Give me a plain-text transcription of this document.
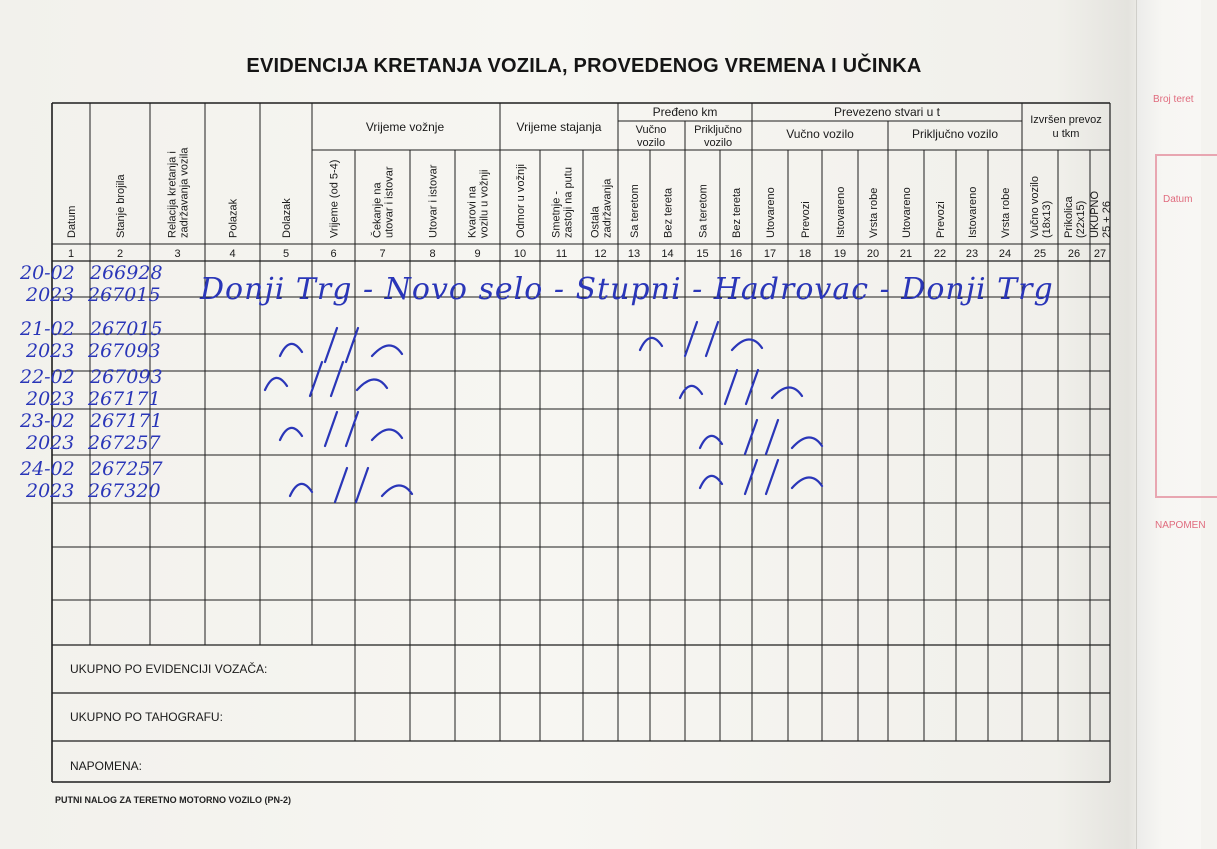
EVIDENCIJA KRETANJA VOZILA, PROVEDENOG VREMENA I UČINKA
Vrijeme vožnje	Vrijeme stajanja
Pređeno km
Vučno
vozilo
Priključno
vozilo
Prevezeno stvari u t
Vučno vozilo	Priključno vozilo
Izvršen prevoz
u tkm
Datum
1
Stanje brojila
2
Relacija kretanja i zadržavanja vozila
3
Polazak
4
Dolazak
5
Vrijeme (od 5-4)
6
Čekanje na utovar i istovar
7
Utovar i istovar
8
Kvarovi na vozilu u vožnji
9
Odmor u vožnji
10
Smetnje - zastoji na putu
11
Ostala zadržavanja
12
Sa teretom
13
Bez tereta
14
Sa teretom
15
Bez tereta
16
Utovareno
17
Prevozi
18
Istovareno
19
Vrsta robe
20
Utovareno
21
Prevozi
22
Istovareno
23
Vrsta robe
24
Vučno vozilo (18x13)
25
Prikolica (22x15)
26
UKUPNO 25 + 26
27
UKUPNO PO EVIDENCIJI VOZAČA:
UKUPNO PO TAHOGRAFU:
NAPOMENA:
20-02
2023
266928
267015
21-02
2023
267015
267093
22-02
2023
267093
267171
23-02
2023
267171
267257
24-02
2023
267257
267320
Donji Trg - Novo selo - Stupni - Hadrovac - Donji Trg
PUTNI NALOG ZA TERETNO MOTORNO VOZILO (PN-2)
Broj teret
Datum
NAPOMEN
